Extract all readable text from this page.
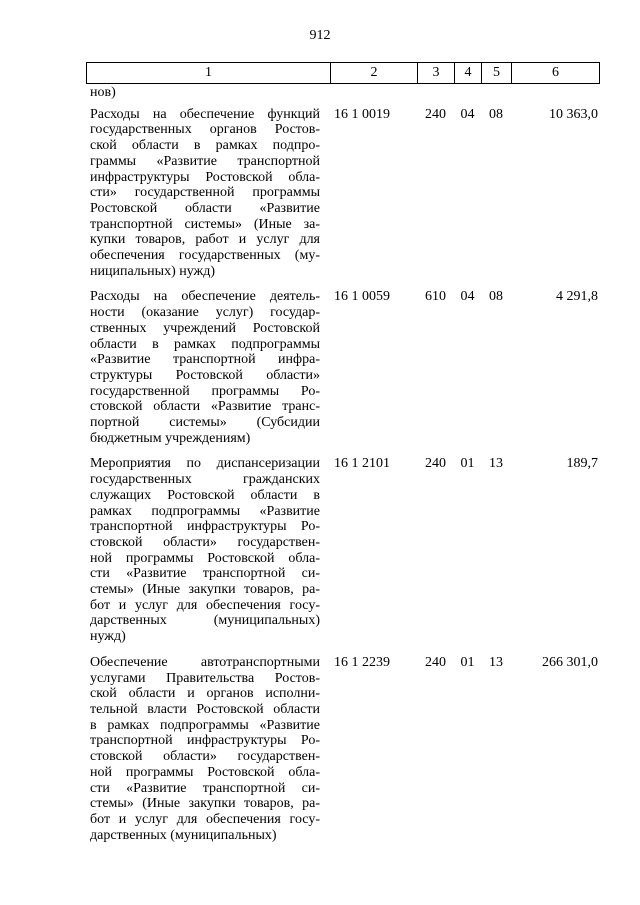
912
1	2	3	4	5	6
нов)
Расходы на обеспечение функций
государственных органов Ростов-
ской области в рамках подпро-
граммы «Развитие транспортной
инфраструктуры Ростовской обла-
сти» государственной программы
Ростовской области «Развитие
транспортной системы» (Иные за-
купки товаров, работ и услуг для
обеспечения государственных (му-
ниципальных) нужд)
16 1 0019	240	04	08	10 363,0
Расходы на обеспечение деятель-
ности (оказание услуг) государ-
ственных учреждений Ростовской
области в рамках подпрограммы
«Развитие транспортной инфра-
структуры Ростовской области»
государственной программы Ро-
стовской области «Развитие транс-
портной системы» (Субсидии
бюджетным учреждениям)
16 1 0059	610	04	08	4 291,8
Мероприятия по диспансеризации
государственных гражданских
служащих Ростовской области в
рамках подпрограммы «Развитие
транспортной инфраструктуры Ро-
стовской области» государствен-
ной программы Ростовской обла-
сти «Развитие транспортной си-
стемы» (Иные закупки товаров, ра-
бот и услуг для обеспечения госу-
дарственных (муниципальных)
нужд)
16 1 2101	240	01	13	189,7
Обеспечение автотранспортными
услугами Правительства Ростов-
ской области и органов исполни-
тельной власти Ростовской области
в рамках подпрограммы «Развитие
транспортной инфраструктуры Ро-
стовской области» государствен-
ной программы Ростовской обла-
сти «Развитие транспортной си-
стемы» (Иные закупки товаров, ра-
бот и услуг для обеспечения госу-
дарственных (муниципальных)
16 1 2239	240	01	13	266 301,0
